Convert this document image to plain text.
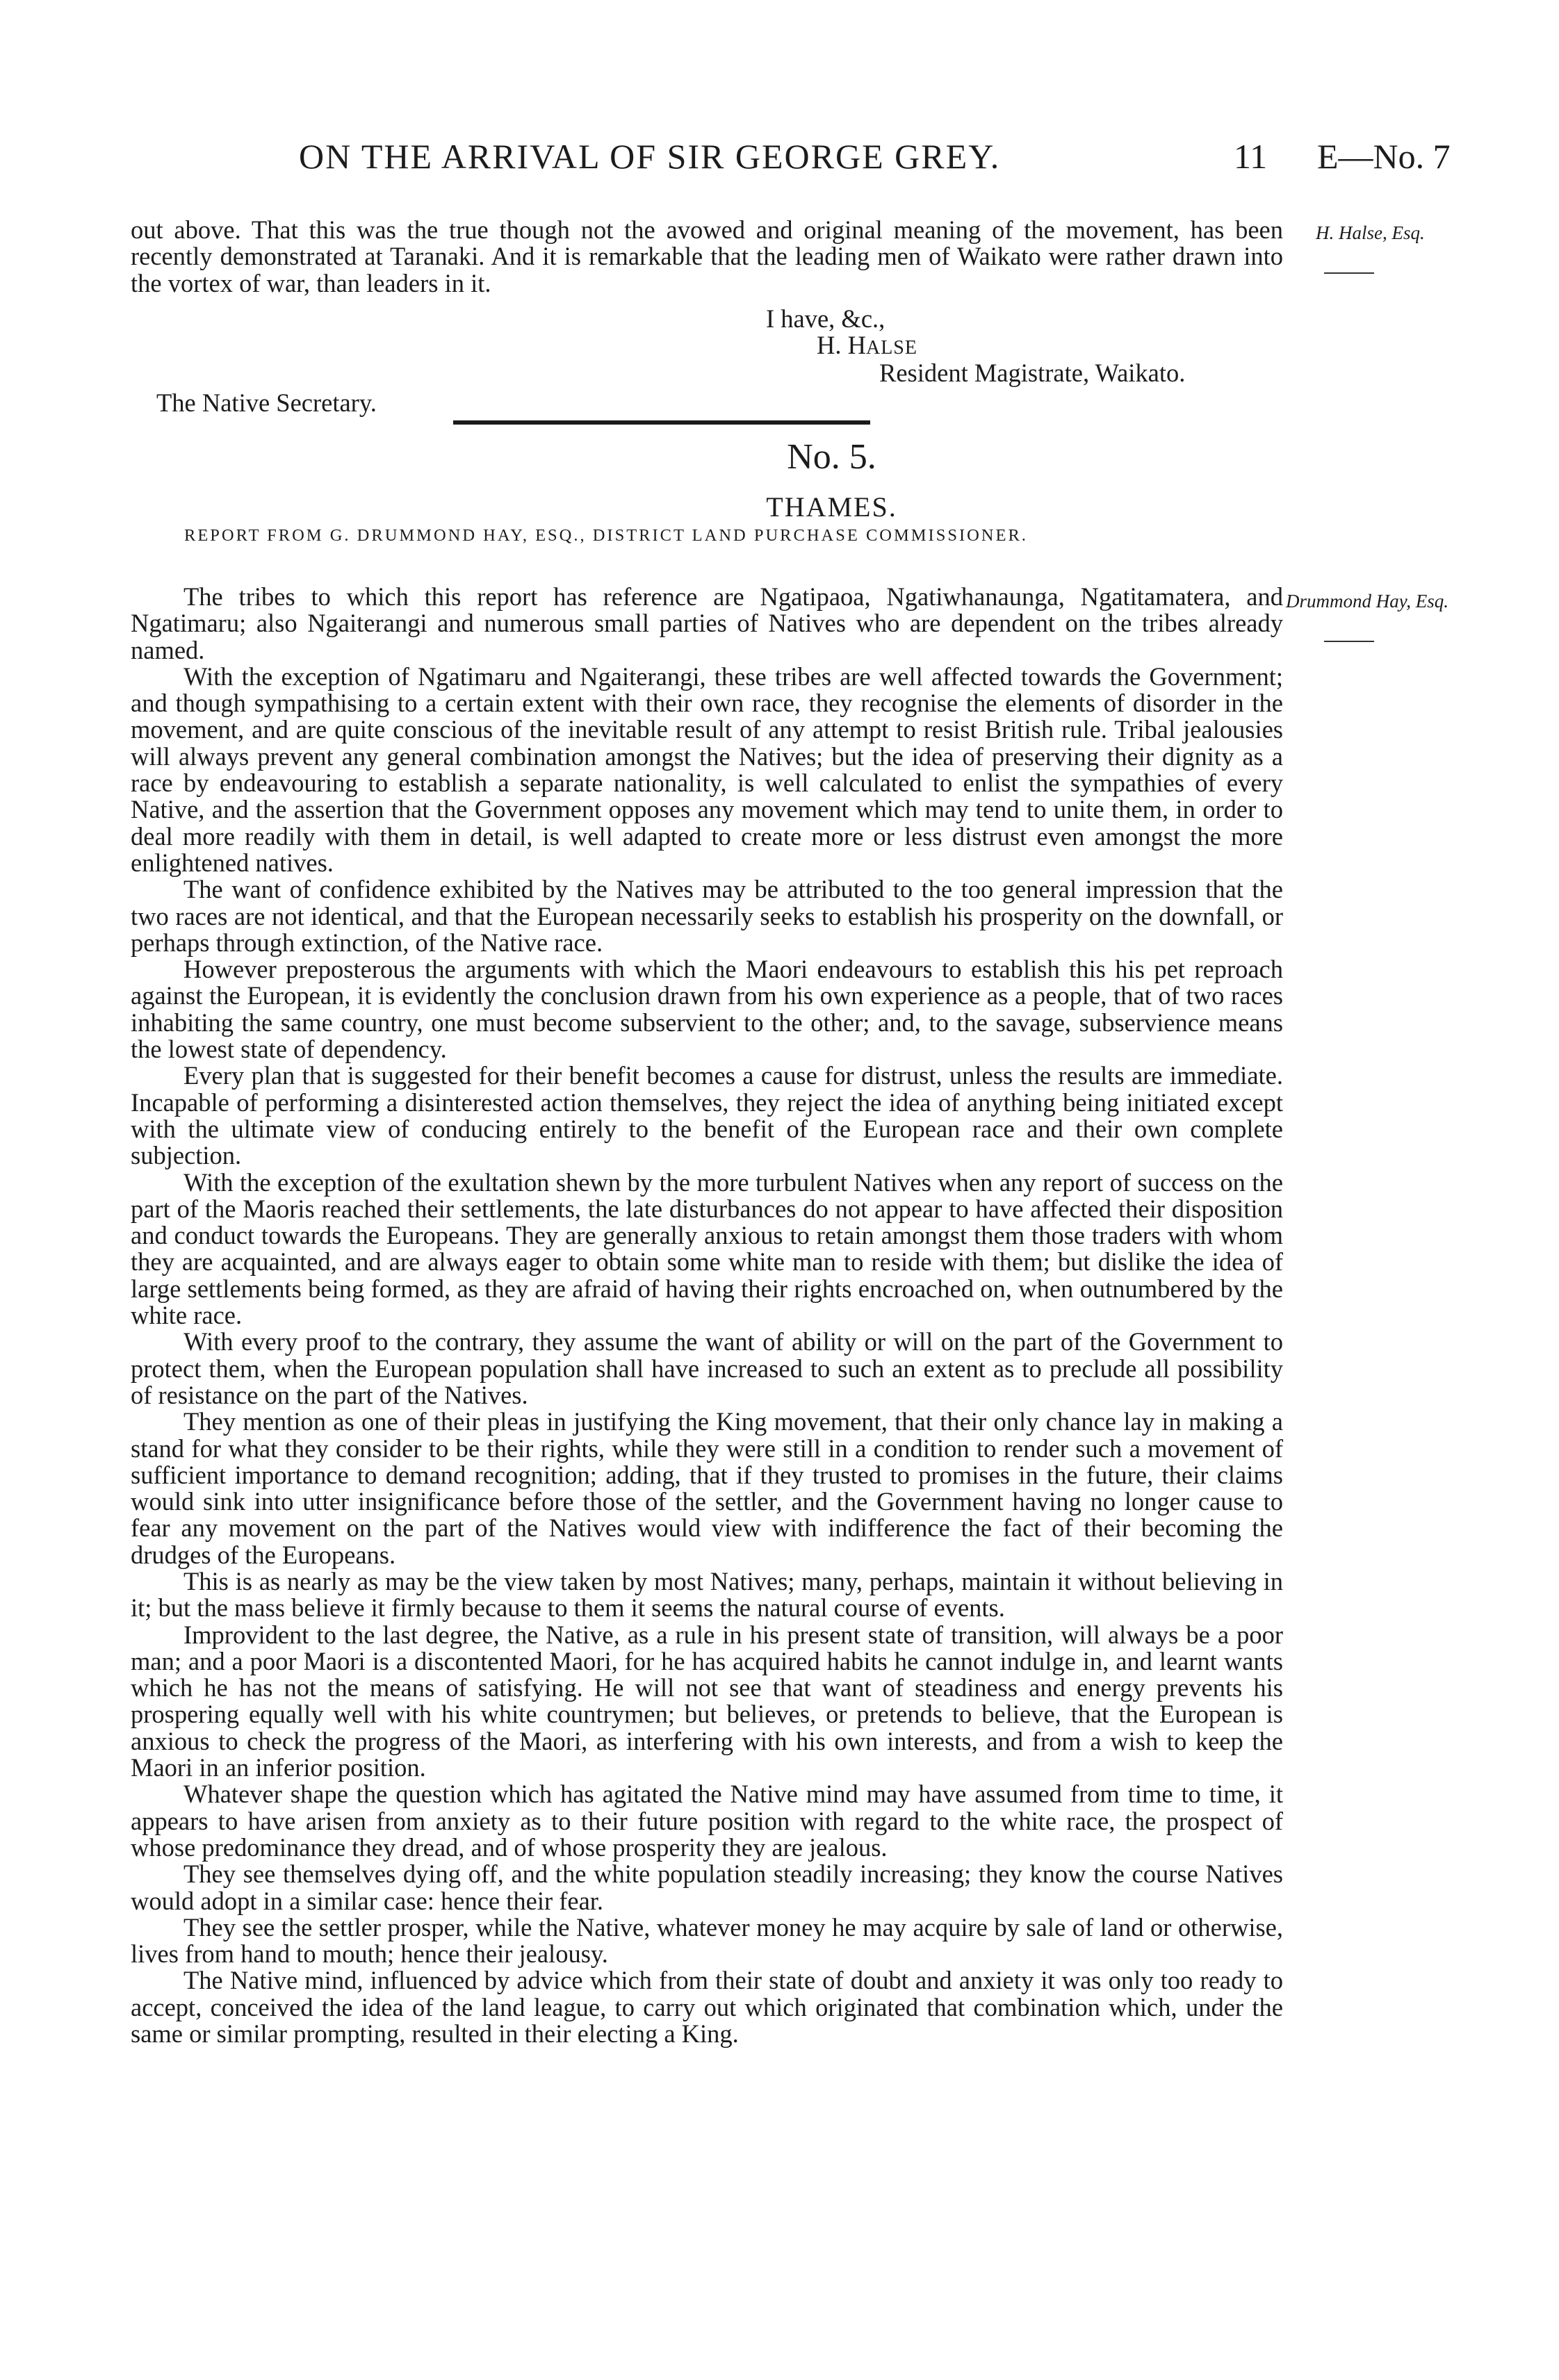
ON THE ARRIVAL OF SIR GEORGE GREY.	11 E—No. 7
out above. That this was the true though not the avowed and original meaning of the movement, has been recently demonstrated at Taranaki. And it is remarkable that the leading men of Waikato were rather drawn into the vortex of war, than leaders in it.
H. Halse, Esq.
I have, &c.,
H. HALSE
Resident Magistrate, Waikato.
The Native Secretary.
No. 5.
THAMES.
REPORT FROM G. DRUMMOND HAY, ESQ., DISTRICT LAND PURCHASE COMMISSIONER.
Drummond Hay, Esq.

The tribes to which this report has reference are Ngatipaoa, Ngatiwhanaunga, Ngatitamatera, and Ngatimaru; also Ngaiterangi and numerous small parties of Natives who are dependent on the tribes already named.

With the exception of Ngatimaru and Ngaiterangi, these tribes are well affected towards the Government; and though sympathising to a certain extent with their own race, they recognise the elements of disorder in the movement, and are quite conscious of the inevitable result of any attempt to resist British rule. Tribal jealousies will always prevent any general combination amongst the Natives; but the idea of preserving their dignity as a race by endeavouring to establish a separate nationality, is well calculated to enlist the sympathies of every Native, and the assertion that the Government opposes any movement which may tend to unite them, in order to deal more readily with them in detail, is well adapted to create more or less distrust even amongst the more enlightened natives.

The want of confidence exhibited by the Natives may be attributed to the too general impression that the two races are not identical, and that the European necessarily seeks to establish his prosperity on the downfall, or perhaps through extinction, of the Native race.

However preposterous the arguments with which the Maori endeavours to establish this his pet reproach against the European, it is evidently the conclusion drawn from his own experience as a people, that of two races inhabiting the same country, one must become subservient to the other; and, to the savage, subservience means the lowest state of dependency.

Every plan that is suggested for their benefit becomes a cause for distrust, unless the results are immediate. Incapable of performing a disinterested action themselves, they reject the idea of anything being initiated except with the ultimate view of conducing entirely to the benefit of the European race and their own complete subjection.

With the exception of the exultation shewn by the more turbulent Natives when any report of success on the part of the Maoris reached their settlements, the late disturbances do not appear to have affected their disposition and conduct towards the Europeans. They are generally anxious to retain amongst them those traders with whom they are acquainted, and are always eager to obtain some white man to reside with them; but dislike the idea of large settlements being formed, as they are afraid of having their rights encroached on, when outnumbered by the white race.

With every proof to the contrary, they assume the want of ability or will on the part of the Government to protect them, when the European population shall have increased to such an extent as to preclude all possibility of resistance on the part of the Natives.

They mention as one of their pleas in justifying the King movement, that their only chance lay in making a stand for what they consider to be their rights, while they were still in a condition to render such a movement of sufficient importance to demand recognition; adding, that if they trusted to promises in the future, their claims would sink into utter insignificance before those of the settler, and the Government having no longer cause to fear any movement on the part of the Natives would view with indifference the fact of their becoming the drudges of the Europeans.

This is as nearly as may be the view taken by most Natives; many, perhaps, maintain it without believing in it; but the mass believe it firmly because to them it seems the natural course of events.

Improvident to the last degree, the Native, as a rule in his present state of transition, will always be a poor man; and a poor Maori is a discontented Maori, for he has acquired habits he cannot indulge in, and learnt wants which he has not the means of satisfying. He will not see that want of steadiness and energy prevents his prospering equally well with his white countrymen; but believes, or pretends to believe, that the European is anxious to check the progress of the Maori, as interfering with his own interests, and from a wish to keep the Maori in an inferior position.

Whatever shape the question which has agitated the Native mind may have assumed from time to time, it appears to have arisen from anxiety as to their future position with regard to the white race, the prospect of whose predominance they dread, and of whose prosperity they are jealous.

They see themselves dying off, and the white population steadily increasing; they know the course Natives would adopt in a similar case: hence their fear.

They see the settler prosper, while the Native, whatever money he may acquire by sale of land or otherwise, lives from hand to mouth; hence their jealousy.

The Native mind, influenced by advice which from their state of doubt and anxiety it was only too ready to accept, conceived the idea of the land league, to carry out which originated that combination which, under the same or similar prompting, resulted in their electing a King.
